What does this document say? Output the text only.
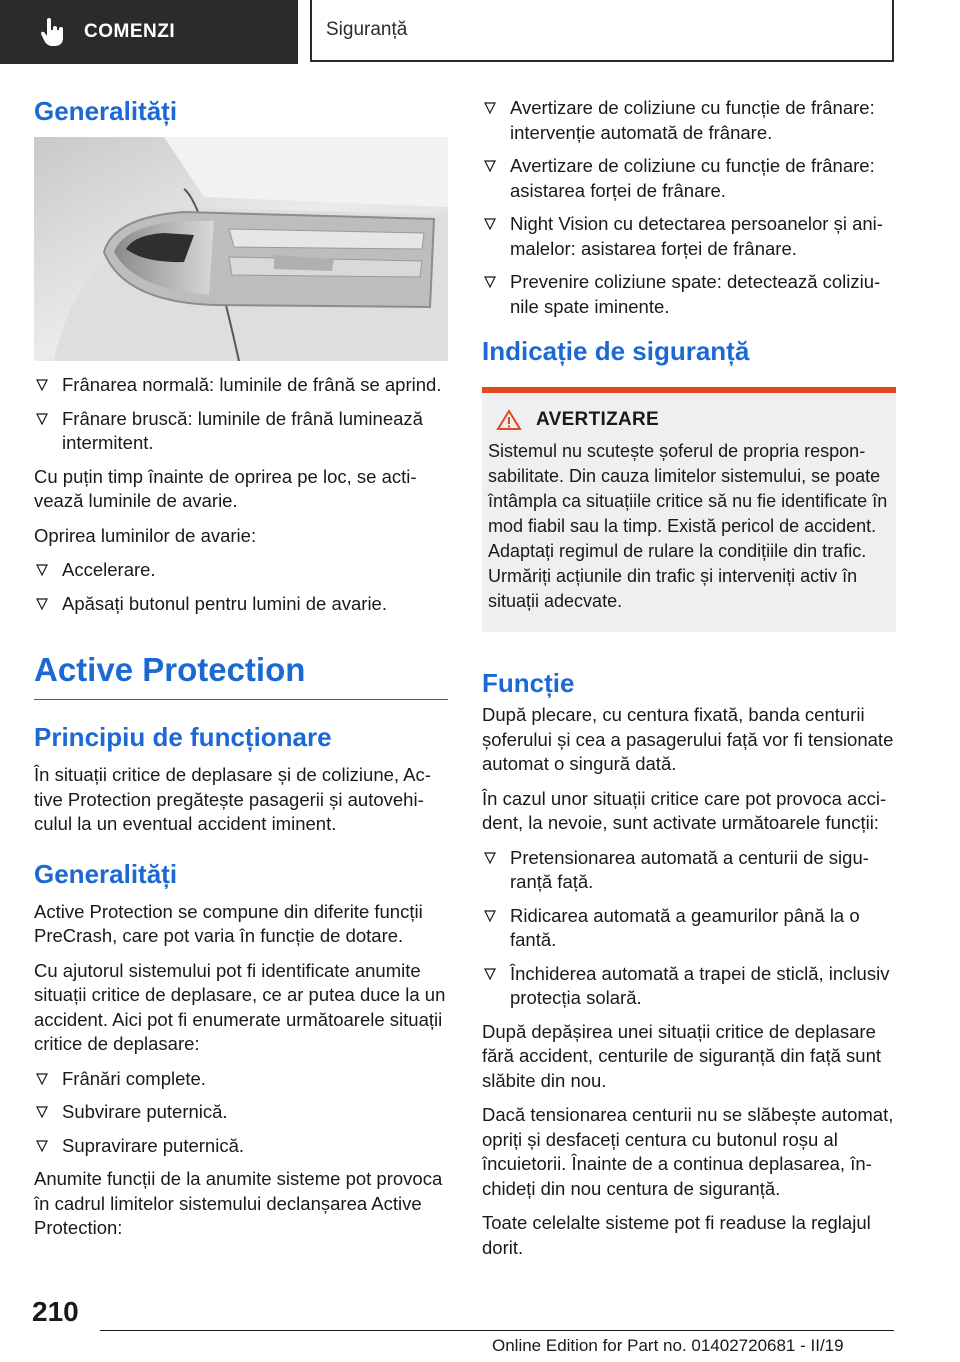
COMENZI	Siguranță
Generalități
Frânarea normală: luminile de frână se aprind.
Frânare bruscă: luminile de frână luminează intermitent.

Cu puțin timp înainte de oprirea pe loc, se activează luminile de avarie.

Oprirea luminilor de avarie:

Accelerare.
Apăsați butonul pentru lumini de avarie.
Active Protection
Principiu de funcționare

În situații critice de deplasare și de coliziune, Active Protection pregătește pasagerii și autovehiculul la un eventual accident iminent.

Generalități

Active Protection se compune din diferite funcții PreCrash, care pot varia în funcție de dotare.

Cu ajutorul sistemului pot fi identificate anumite situații critice de deplasare, ce ar putea duce la un accident. Aici pot fi enumerate următoarele situații critice de deplasare:

Frânări complete.
Subvirare puternică.
Supravirare puternică.

Anumite funcții de la anumite sisteme pot provoca în cadrul limitelor sistemului declanșarea Active Protection:

Avertizare de coliziune cu funcție de frânare: intervenție automată de frânare.
Avertizare de coliziune cu funcție de frânare: asistarea forței de frânare.
Night Vision cu detectarea persoanelor și animalelor: asistarea forței de frânare.
Prevenire coliziune spate: detectează coliziunile spate iminente.
Indicație de siguranță
AVERTIZARE

Sistemul nu scutește șoferul de propria responsabilitate. Din cauza limitelor sistemului, se poate întâmpla ca situațiile critice să nu fie identificate în mod fiabil sau la timp. Există pericol de accident. Adaptați regimul de rulare la condițiile din trafic. Urmăriți acțiunile din trafic și interveniți activ în situații adecvate.

Funcție

După plecare, cu centura fixată, banda centurii șoferului și cea a pasagerului față vor fi tensionate automat o singură dată.

În cazul unor situații critice care pot provoca accident, la nevoie, sunt activate următoarele funcții:

Pretensionarea automată a centurii de siguranță față.
Ridicarea automată a geamurilor până la o fantă.
Închiderea automată a trapei de sticlă, inclusiv protecția solară.

După depășirea unei situații critice de deplasare fără accident, centurile de siguranță din față sunt slăbite din nou.

Dacă tensionarea centurii nu se slăbește automat, opriți și desfaceți centura cu butonul roșu al încuietorii. Înainte de a continua deplasarea, închideți din nou centura de siguranță.

Toate celelalte sisteme pot fi readuse la reglajul dorit.

210
Online Edition for Part no. 01402720681 - II/19
